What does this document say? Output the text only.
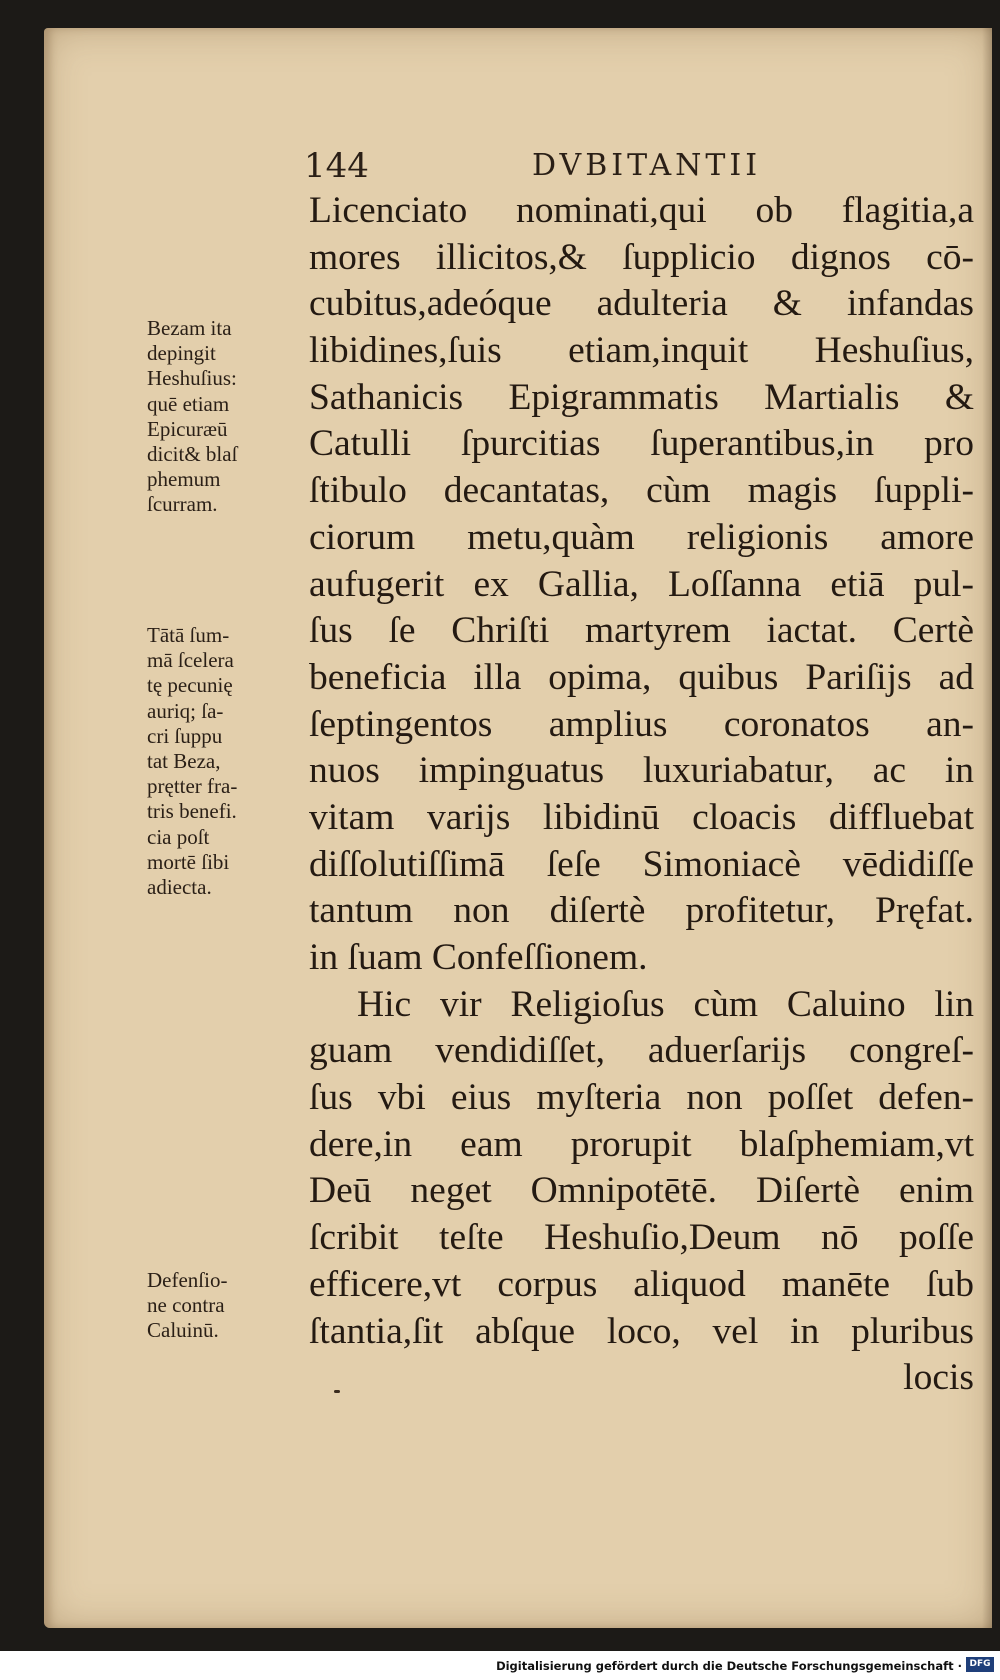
144	DVBITANTII
Licenciato nominati,qui ob flagitia,a
mores illicitos,& ſupplicio dignos cō-
cubitus,adeóque adulteria & infandas
libidines,ſuis etiam,inquit Heshuſius,
Sathanicis Epigrammatis Martialis &
Catulli ſpurcitias ſuperantibus,in pro
ſtibulo decantatas, cùm magis ſuppli-
ciorum metu,quàm religionis amore
aufugerit ex Gallia, Loſſanna etiā pul-
ſus ſe Chriſti martyrem iactat. Certè
beneficia illa opima, quibus Pariſijs ad
ſeptingentos amplius coronatos an-
nuos impinguatus luxuriabatur, ac in
vitam varijs libidinū cloacis diffluebat
diſſolutiſſimā ſeſe Simoniacè vēdidiſſe
tantum non diſertè profitetur, Pręfat.
in ſuam Confeſſionem.
Hic vir Religioſus cùm Caluino lin
guam vendidiſſet, aduerſarijs congreſ-
ſus vbi eius myſteria non poſſet defen-
dere,in eam prorupit blaſphemiam,vt
Deū neget Omnipotētē. Diſertè enim
ſcribit teſte Heshuſio,Deum nō poſſe
efficere,vt corpus aliquod manēte ſub
ſtantia,ſit abſque loco, vel in pluribus
locis
Bezam ita
depingit
Heshuſius:
quē etiam
Epicuræū
dicit& blaſ
phemum
ſcurram.
Tātā ſum-
mā ſcelera
tę pecunię
auriq; ſa-
cri ſuppu
tat Beza,
prętter fra-
tris benefi.
cia poſt
mortē ſibi
adiecta.
Defenſio-
ne contra
Caluinū.
Digitalisierung gefördert durch die Deutsche Forschungsgemeinschaft · DFG
